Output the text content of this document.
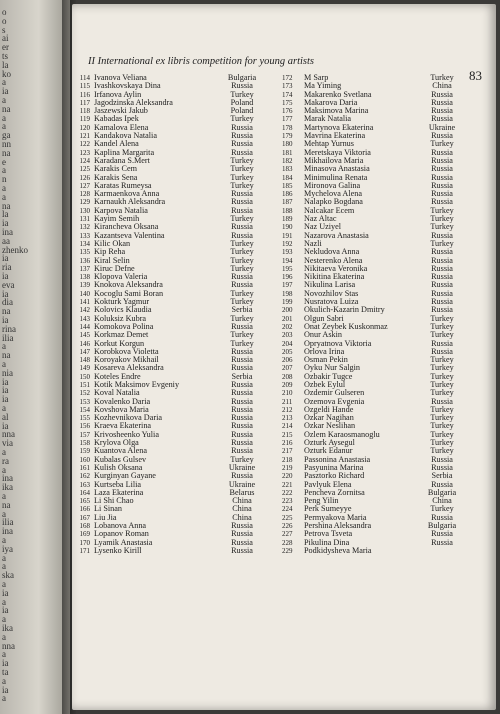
o
o
s
ai
er
ts
la
ko
a
ia
a
na
a
a
ga
nn
na
e
a
n
a
a
na
la
ia
ina
aa
zhenko
ia
ria
ia
eva
ia
dia
na
ia
rina
ilia
a
na
a
nia
ia
ia
ia
a
al
ia
nna
via
a
ra
a
ina
ika
a
na
a
ilia
ina
a
iya
a
a
ska
a
ia
a
ia
a
ika
a
nna
a
ia
ta
a
ia
a
II International ex libris competition for young artists
83
114 Ivanova Veliana	Bulgaria
115 Ivashkovskaya Dina	Russia
116 Irfanova Aylin	Turkey
117 Jagodzinska Aleksandra	Poland
118 Jaszewski Jakub	Poland
119 Kabadas Ipek	Turkey
120 Kamalova Elena	Russia
121 Kandakova Natalia	Russia
122 Kandel Alena	Russia
123 Kaplina Margarita	Russia
124 Karadana S.Mert	Turkey
125 Karakis Cem	Turkey
126 Karakis Sena	Turkey
127 Karatas Rumeysa	Turkey
128 Karmaenkova Anna	Russia
129 Karnaukh Aleksandra	Russia
130 Karpova Natalia	Russia
131 Kayim Semih	Turkey
132 Kirancheva Oksana	Russia
133 Kazantseva Valentina	Russia
134 Kilic Okan	Turkey
135 Kip Reha	Turkey
136 Kiral Selin	Turkey
137 Kiruc Defne	Turkey
138 Klopova Valeria	Russia
139 Knokova Aleksandra	Russia
140 Kocoglu Sami Boran	Turkey
141 Kokturk Yagmur	Turkey
142 Kolovics Klaudia	Serbia
143 Koluksiz Kubra	Turkey
144 Komokova Polina	Russia
145 Korkmaz Demet	Turkey
146 Korkut Korgun	Turkey
147 Korobkova Violetta	Russia
148 Koroyakov Mikhail	Russia
149 Kosareva Aleksandra	Russia
150 Koteles Endre	Serbia
151 Kotik Maksimov Evgeniy	Russia
152 Koval Natalia	Russia
153 Kovalenko Daria	Russia
154 Kovshova Maria	Russia
155 Kozhevnikova Daria	Russia
156 Kraeva Ekaterina	Russia
157 Krivosheenko Yulia	Russia
158 Krylova Olga	Russia
159 Kuantova Alena	Russia
160 Kubalas Gulsev	Turkey
161 Kulish Oksana	Ukraine
162 Kurginyan Gayane	Russia
163 Kurtseba Lilia	Ukraine
164 Laza Ekaterina	Belarus
165 Li Shi Chao	China
166 Li Sinan	China
167 Liu Jia	China
168 Lobanova Anna	Russia
169 Lopanov Roman	Russia
170 Lyamik Anastasia	Russia
171 Lysenko Kirill	Russia
172	M Sarp	Turkey
173	Ma Yiming	China
174	Makarenko Svetlana	Russia
175	Makarova Daria	Russia
176	Maksimova Marina	Russia
177	Marak Natalia	Russia
178	Martynova Ekaterina	Ukraine
179	Mavrina Ekaterina	Russia
180	Mehtap Yurnus	Turkey
181	Meretskaya Viktoria	Russia
182	Mikhailova Maria	Russia
183	Minasova Anastasia	Russia
184	Minimulina Renata	Russia
185	Mironova Galina	Russia
186	Mychelova Alena	Russia
187	Nalapko Bogdana	Russia
188	Nalcakar Ecem	Turkey
189	Naz Altac	Turkey
190	Naz Uziyel	Turkey
191	Nazarova Anastasia	Russia
192	Nazli	Turkey
193	Nekludova Anna	Russia
194	Nesterenko Alena	Russia
195	Nikitaeva Veronika	Russia
196	Nikitina Ekaterina	Russia
197	Nikulina Larisa	Russia
198	Novozhilov Stas	Russia
199	Nusratova Luiza	Russia
200	Okulich-Kazarin Dmitry	Russia
201	Olgun Sabri	Turkey
202	Onat Zeybek Kuskonmaz	Turkey
203	Onur Askin	Turkey
204	Opryatnova Viktoria	Russia
205	Orlova Irina	Russia
206	Osman Pekin	Turkey
207	Oyku Nur Salgin	Turkey
208	Ozbakir Tugce	Turkey
209	Ozbek Eylul	Turkey
210	Ozdemir Gulseren	Turkey
211	Ozemova Evgenia	Russia
212	Ozgeldi Hande	Turkey
213	Ozkar Nagihan	Turkey
214	Ozkar Neslihan	Turkey
215	Ozlem Karaosmanoglu	Turkey
216	Ozturk Aysegul	Turkey
217	Ozturk Edanur	Turkey
218	Passonina Anastasia	Russia
219	Pasyunina Marina	Russia
220	Pasztorko Richard	Serbia
221	Pavlyuk Elena	Russia
222	Pencheva Zornitsa	Bulgaria
223	Peng Yilin	China
224	Perk Sumeyye	Turkey
225	Permyakova Maria	Russia
226	Pershina Aleksandra	Bulgaria
227	Petrova Tsveta	Russia
228	Pikulina Dina	Russia
229	Podkidysheva Maria
